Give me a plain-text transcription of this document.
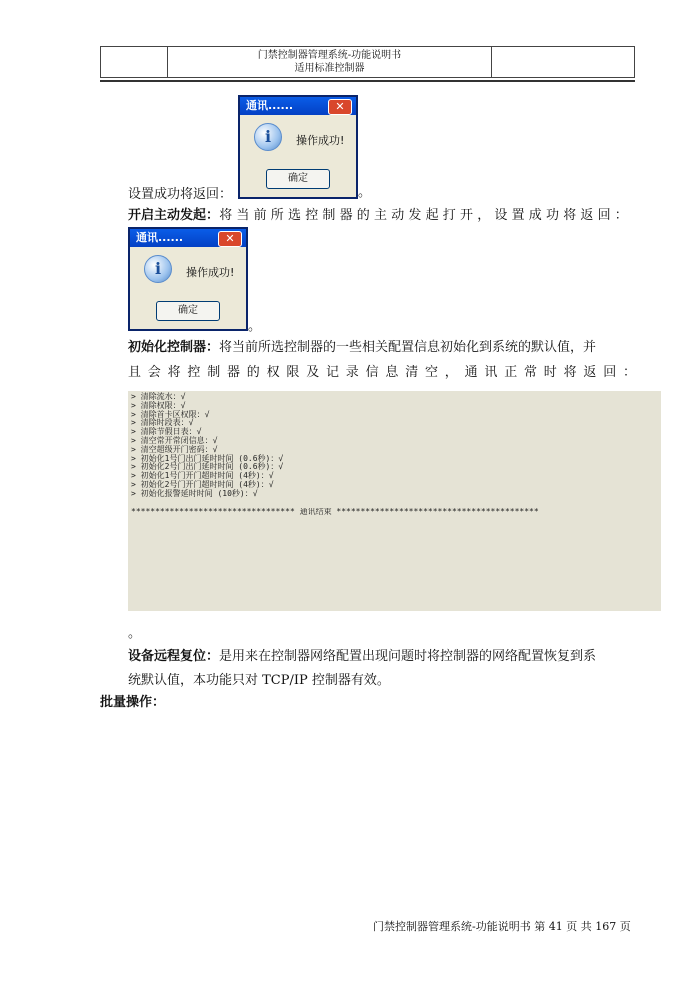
门禁控制器管理系统-功能说明书
适用标准控制器

通讯......	✕
i	操作成功!
确定
设置成功将返回：	。
开启主动发起： 将当前所选控制器的主动发起打开，设置成功将返回：
通讯......	✕
i	操作成功!
确定
。
初始化控制器：将当前所选控制器的一些相关配置信息初始化到系统的默认值，并
且会将控制器的权限及记录信息清空，通讯正常时将返回：
> 清除流水：√
> 清除权限：√
> 清除首卡区权限：√
> 清除时段表：√
> 清除节假日表：√
> 清空常开常闭信息：√
> 清空超级开门密码：√
> 初始化1号门出门延时时间 (0.6秒)：√
> 初始化2号门出门延时时间 (0.6秒)：√
> 初始化1号门开门超时时间 (4秒)：√
> 初始化2号门开门超时时间 (4秒)：√
> 初始化报警延时时间 (10秒)：√
********************************** 通讯结束 ******************************************
。
设备远程复位：是用来在控制器网络配置出现问题时将控制器的网络配置恢复到系
统默认值，本功能只对 TCP/IP 控制器有效。
批量操作：
门禁控制器管理系统-功能说明书 第 41 页 共 167 页
